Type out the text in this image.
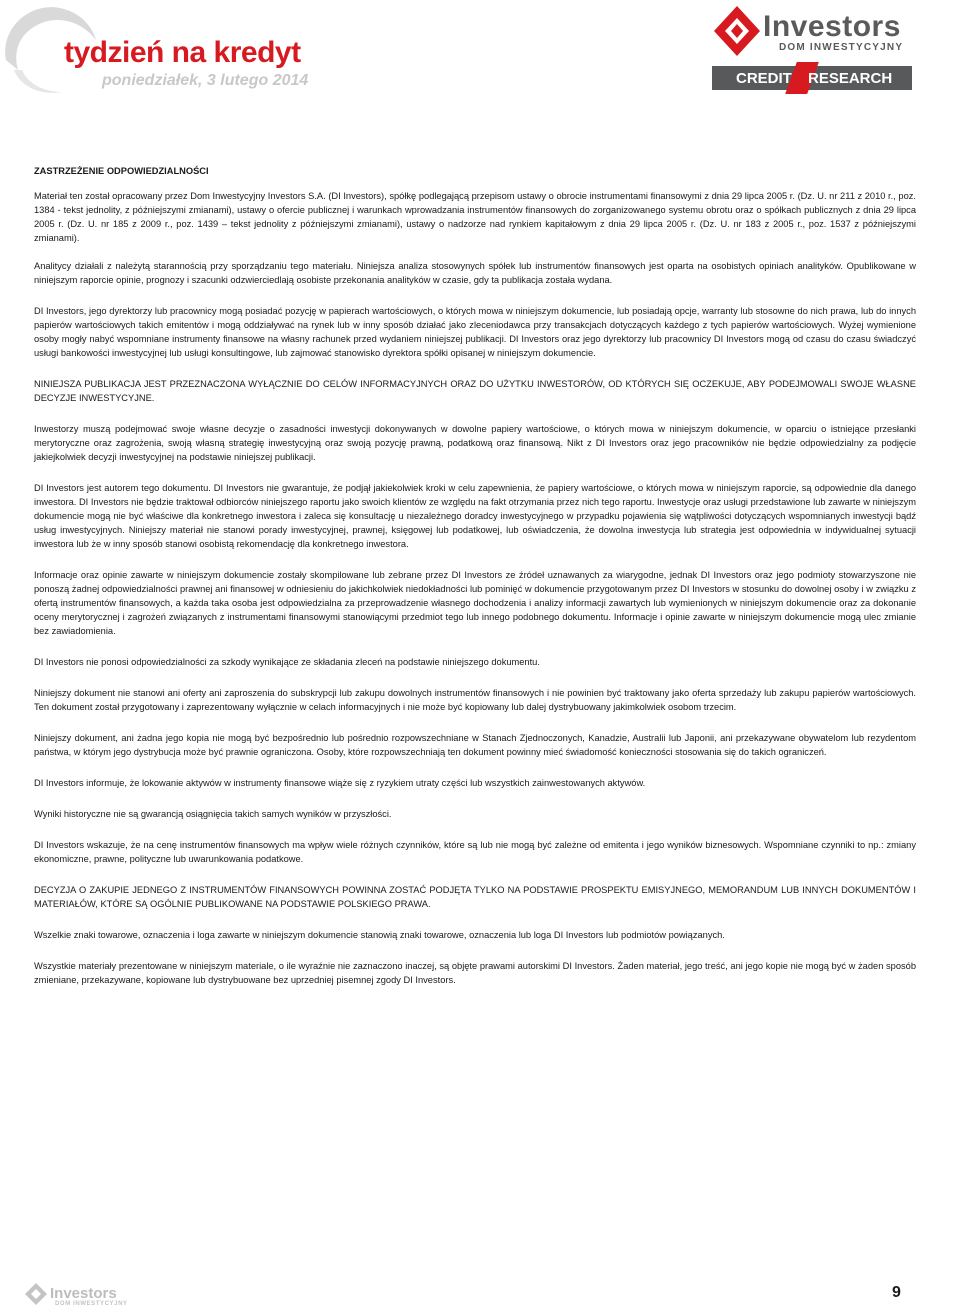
tydzień na kredyt
poniedziałek, 3 lutego 2014
Investors
DOM INWESTYCYJNY
CREDIT RESEARCH
ZASTRZEŻENIE ODPOWIEDZIALNOŚCI

Materiał ten został opracowany przez Dom Inwestycyjny Investors S.A. (DI Investors), spółkę podlegającą przepisom ustawy o obrocie instrumentami finansowymi z dnia 29 lipca 2005 r. (Dz. U. nr 211 z 2010 r., poz. 1384 - tekst jednolity, z późniejszymi zmianami), ustawy o ofercie publicznej i warunkach wprowadzania instrumentów finansowych do zorganizowanego systemu obrotu oraz o spółkach publicznych z dnia 29 lipca 2005 r. (Dz. U. nr 185 z 2009 r., poz. 1439 – tekst jednolity z późniejszymi zmianami), ustawy o nadzorze nad rynkiem kapitałowym z dnia 29 lipca 2005 r. (Dz. U. nr 183 z 2005 r., poz. 1537 z późniejszymi zmianami).

Analitycy działali z należytą starannością przy sporządzaniu tego materiału. Niniejsza analiza stosowynych spółek lub instrumentów finansowych jest oparta na osobistych opiniach analityków. Opublikowane w niniejszym raporcie opinie, prognozy i szacunki odzwierciedlają osobiste przekonania analityków w czasie, gdy ta publikacja została wydana.

DI Investors, jego dyrektorzy lub pracownicy mogą posiadać pozycję w papierach wartościowych, o których mowa w niniejszym dokumencie, lub posiadają opcje, warranty lub stosowne do nich prawa, lub do innych papierów wartościowych takich emitentów i mogą oddziaływać na rynek lub w inny sposób działać jako zleceniodawca przy transakcjach dotyczących każdego z tych papierów wartościowych. Wyżej wymienione osoby mogły nabyć wspomniane instrumenty finansowe na własny rachunek przed wydaniem niniejszej publikacji. DI Investors oraz jego dyrektorzy lub pracownicy DI Investors mogą od czasu do czasu świadczyć usługi bankowości inwestycyjnej lub usługi konsultingowe, lub zajmować stanowisko dyrektora spółki opisanej w niniejszym dokumencie.

NINIEJSZA PUBLIKACJA JEST PRZEZNACZONA WYŁĄCZNIE DO CELÓW INFORMACYJNYCH ORAZ DO UŻYTKU INWESTORÓW, OD KTÓRYCH SIĘ OCZEKUJE, ABY PODEJMOWALI SWOJE WŁASNE DECYZJE INWESTYCYJNE.

Inwestorzy muszą podejmować swoje własne decyzje o zasadności inwestycji dokonywanych w dowolne papiery wartościowe, o których mowa w niniejszym dokumencie, w oparciu o istniejące przesłanki merytoryczne oraz zagrożenia, swoją własną strategię inwestycyjną oraz swoją pozycję prawną, podatkową oraz finansową. Nikt z DI Investors oraz jego pracowników nie będzie odpowiedzialny za podjęcie jakiejkolwiek decyzji inwestycyjnej na podstawie niniejszej publikacji.

DI Investors jest autorem tego dokumentu. DI Investors nie gwarantuje, że podjął jakiekolwiek kroki w celu zapewnienia, że papiery wartościowe, o których mowa w niniejszym raporcie, są odpowiednie dla danego inwestora. DI Investors nie będzie traktował odbiorców niniejszego raportu jako swoich klientów ze względu na fakt otrzymania przez nich tego raportu. Inwestycje oraz usługi przedstawione lub zawarte w niniejszym dokumencie mogą nie być właściwe dla konkretnego inwestora i zaleca się konsultację u niezależnego doradcy inwestycyjnego w przypadku pojawienia się wątpliwości dotyczących wspomnianych inwestycji bądź usług inwestycyjnych. Niniejszy materiał nie stanowi porady inwestycyjnej, prawnej, księgowej lub podatkowej, lub oświadczenia, że dowolna inwestycja lub strategia jest odpowiednia w indywidualnej sytuacji inwestora lub że w inny sposób stanowi osobistą rekomendację dla konkretnego inwestora.

Informacje oraz opinie zawarte w niniejszym dokumencie zostały skompilowane lub zebrane przez DI Investors ze źródeł uznawanych za wiarygodne, jednak DI Investors oraz jego podmioty stowarzyszone nie ponoszą żadnej odpowiedzialności prawnej ani finansowej w odniesieniu do jakichkolwiek niedokładności lub pominięć w dokumencie przygotowanym przez DI Investors w stosunku do dowolnej osoby i w związku z ofertą instrumentów finansowych, a każda taka osoba jest odpowiedzialna za przeprowadzenie własnego dochodzenia i analizy informacji zawartych lub wymienionych w niniejszym dokumencie oraz za dokonanie oceny merytorycznej i zagrożeń związanych z instrumentami finansowymi stanowiącymi przedmiot tego lub innego podobnego dokumentu. Informacje i opinie zawarte w niniejszym dokumencie mogą ulec zmianie bez zawiadomienia.

DI Investors nie ponosi odpowiedzialności za szkody wynikające ze składania zleceń na podstawie niniejszego dokumentu.

Niniejszy dokument nie stanowi ani oferty ani zaproszenia do subskrypcji lub zakupu dowolnych instrumentów finansowych i nie powinien być traktowany jako oferta sprzedaży lub zakupu papierów wartościowych. Ten dokument został przygotowany i zaprezentowany wyłącznie w celach informacyjnych i nie może być kopiowany lub dalej dystrybuowany jakimkolwiek osobom trzecim.

Niniejszy dokument, ani żadna jego kopia nie mogą być bezpośrednio lub pośrednio rozpowszechniane w Stanach Zjednoczonych, Kanadzie, Australii lub Japonii, ani przekazywane obywatelom lub rezydentom państwa, w którym jego dystrybucja może być prawnie ograniczona. Osoby, które rozpowszechniają ten dokument powinny mieć świadomość konieczności stosowania się do takich ograniczeń.

DI Investors informuje, że lokowanie aktywów w instrumenty finansowe wiąże się z ryzykiem utraty części lub wszystkich zainwestowanych aktywów.

Wyniki historyczne nie są gwarancją osiągnięcia takich samych wyników w przyszłości.

DI Investors wskazuje, że na cenę instrumentów finansowych ma wpływ wiele różnych czynników, które są lub nie mogą być zależne od emitenta i jego wyników biznesowych. Wspomniane czynniki to np.: zmiany ekonomiczne, prawne, polityczne lub uwarunkowania podatkowe.

DECYZJA O ZAKUPIE JEDNEGO Z INSTRUMENTÓW FINANSOWYCH POWINNA ZOSTAĆ PODJĘTA TYLKO NA PODSTAWIE PROSPEKTU EMISYJNEGO, MEMORANDUM LUB INNYCH DOKUMENTÓW I MATERIAŁÓW, KTÓRE SĄ OGÓLNIE PUBLIKOWANE NA PODSTAWIE POLSKIEGO PRAWA.

Wszelkie znaki towarowe, oznaczenia i loga zawarte w niniejszym dokumencie stanowią znaki towarowe, oznaczenia lub loga DI Investors lub podmiotów powiązanych.

Wszystkie materiały prezentowane w niniejszym materiale, o ile wyraźnie nie zaznaczono inaczej, są objęte prawami autorskimi DI Investors. Żaden materiał, jego treść, ani jego kopie nie mogą być w żaden sposób zmieniane, przekazywane, kopiowane lub dystrybuowane bez uprzedniej pisemnej zgody DI Investors.

Investors
DOM INWESTYCYJNY
9
